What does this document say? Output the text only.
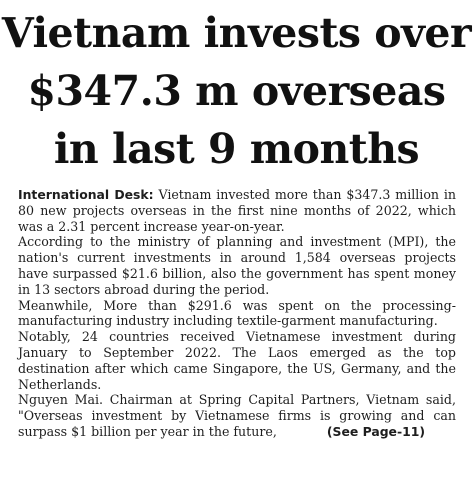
Vietnam invests over
$347.3 m overseas
in last 9 months

International Desk: Vietnam invested more than $347.3 million in 80 new projects overseas in the first nine months of 2022, which was a 2.31 percent increase year-on-year.

According to the ministry of planning and investment (MPI), the nation's current investments in around 1,584 overseas projects have surpassed $21.6 billion, also the government has spent money in 13 sectors abroad during the period.

Meanwhile, More than $291.6 was spent on the processing-manufacturing industry including textile-garment manufacturing.

Notably, 24 countries received Vietnamese investment during January to September 2022. The Laos emerged as the top destination after which came Singapore, the US, Germany, and the Netherlands.

Nguyen Mai. Chairman at Spring Capital Partners, Vietnam said, "Overseas investment by Vietnamese firms is growing and can surpass $1 billion per year in the future,	(See Page-11)
